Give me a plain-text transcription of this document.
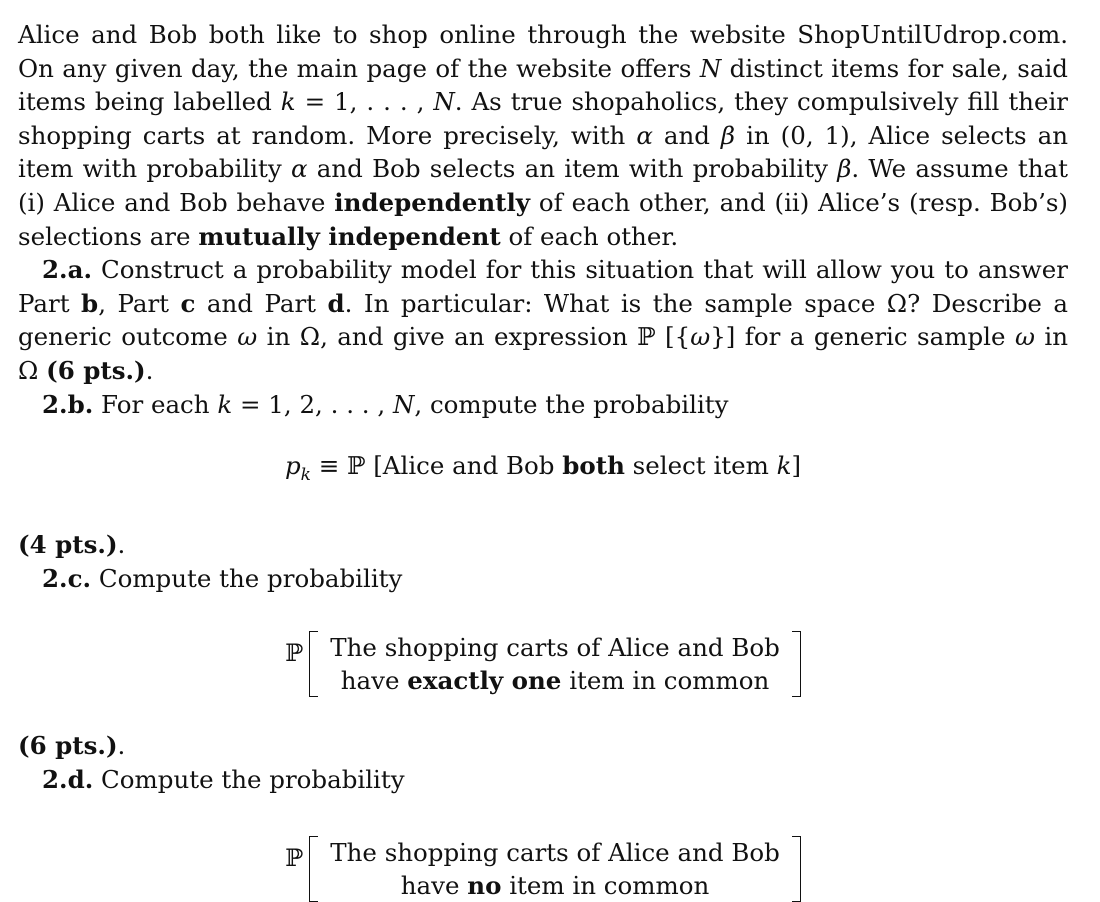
Alice and Bob both like to shop online through the website ShopUntilUdrop.com. On any given day, the main page of the website offers N distinct items for sale, said items being labelled k = 1, . . . , N. As true shopaholics, they compulsively fill their shopping carts at random. More precisely, with α and β in (0, 1), Alice selects an item with probability α and Bob selects an item with probability β. We assume that (i) Alice and Bob behave independently of each other, and (ii) Alice’s (resp. Bob’s) selections are mutually independent of each other.

2.a. Construct a probability model for this situation that will allow you to answer Part b, Part c and Part d. In particular: What is the sample space Ω? Describe a generic outcome ω in Ω, and give an expression ℙ [{ω}] for a generic sample ω in Ω (6 pts.).

2.b. For each k = 1, 2, . . . , N, compute the probability

$p_k$ ≡ ℙ [Alice and Bob both select item k]

(4 pts.).

2.c. Compute the probability

ℙ	The shopping carts of Alice and Bob
have exactly one item in common

(6 pts.).

2.d. Compute the probability

ℙ	The shopping carts of Alice and Bob
have no item in common
